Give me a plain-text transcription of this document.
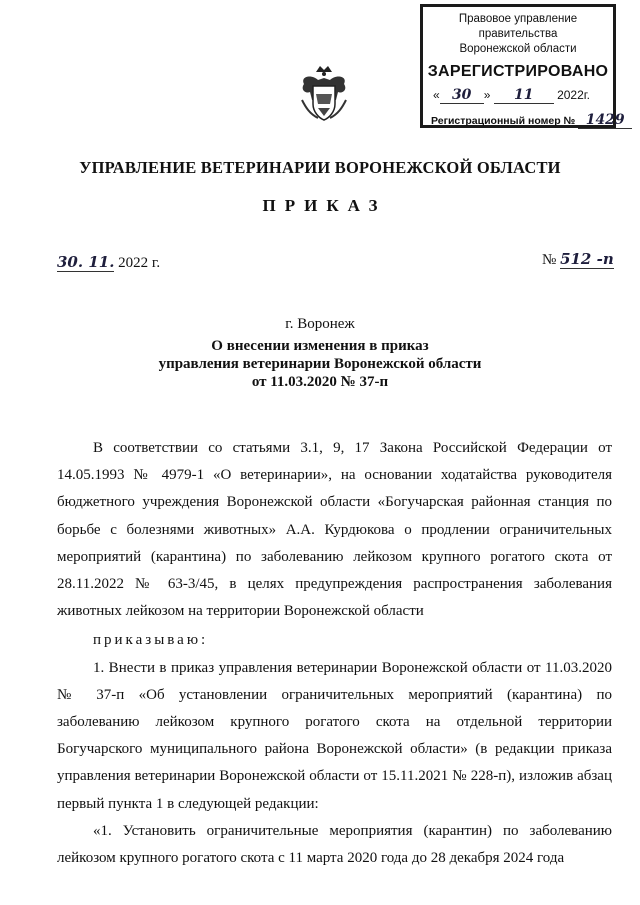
Правовое управление правительства
Воронежской области
ЗАРЕГИСТРИРОВАНО
« 30 » 11 2022г.
Регистрационный номер № 1429
УПРАВЛЕНИЕ ВЕТЕРИНАРИИ ВОРОНЕЖСКОЙ ОБЛАСТИ
ПРИКАЗ
30. 11. 2022 г.	№ 512 -п
г. Воронеж
О внесении изменения в приказ
управления ветеринарии Воронежской области
от 11.03.2020 № 37-п

В соответствии со статьями 3.1, 9, 17 Закона Российской Федерации от 14.05.1993 № 4979-1 «О ветеринарии», на основании ходатайства руководителя бюджетного учреждения Воронежской области «Богучарская районная станция по борьбе с болезнями животных» А.А. Курдюкова о продлении ограничительных мероприятий (карантина) по заболеванию лейкозом крупного рогатого скота от 28.11.2022 № 63-3/45, в целях предупреждения распространения заболевания животных лейкозом на территории Воронежской области

приказываю:

1. Внести в приказ управления ветеринарии Воронежской области от 11.03.2020 № 37-п «Об установлении ограничительных мероприятий (карантина) по заболеванию лейкозом крупного рогатого скота на отдельной территории Богучарского муниципального района Воронежской области» (в редакции приказа управления ветеринарии Воронежской области от 15.11.2021 № 228-п), изложив абзац первый пункта 1 в следующей редакции:

«1. Установить ограничительные мероприятия (карантин) по заболеванию лейкозом крупного рогатого скота с 11 марта 2020 года до 28 декабря 2024 года
